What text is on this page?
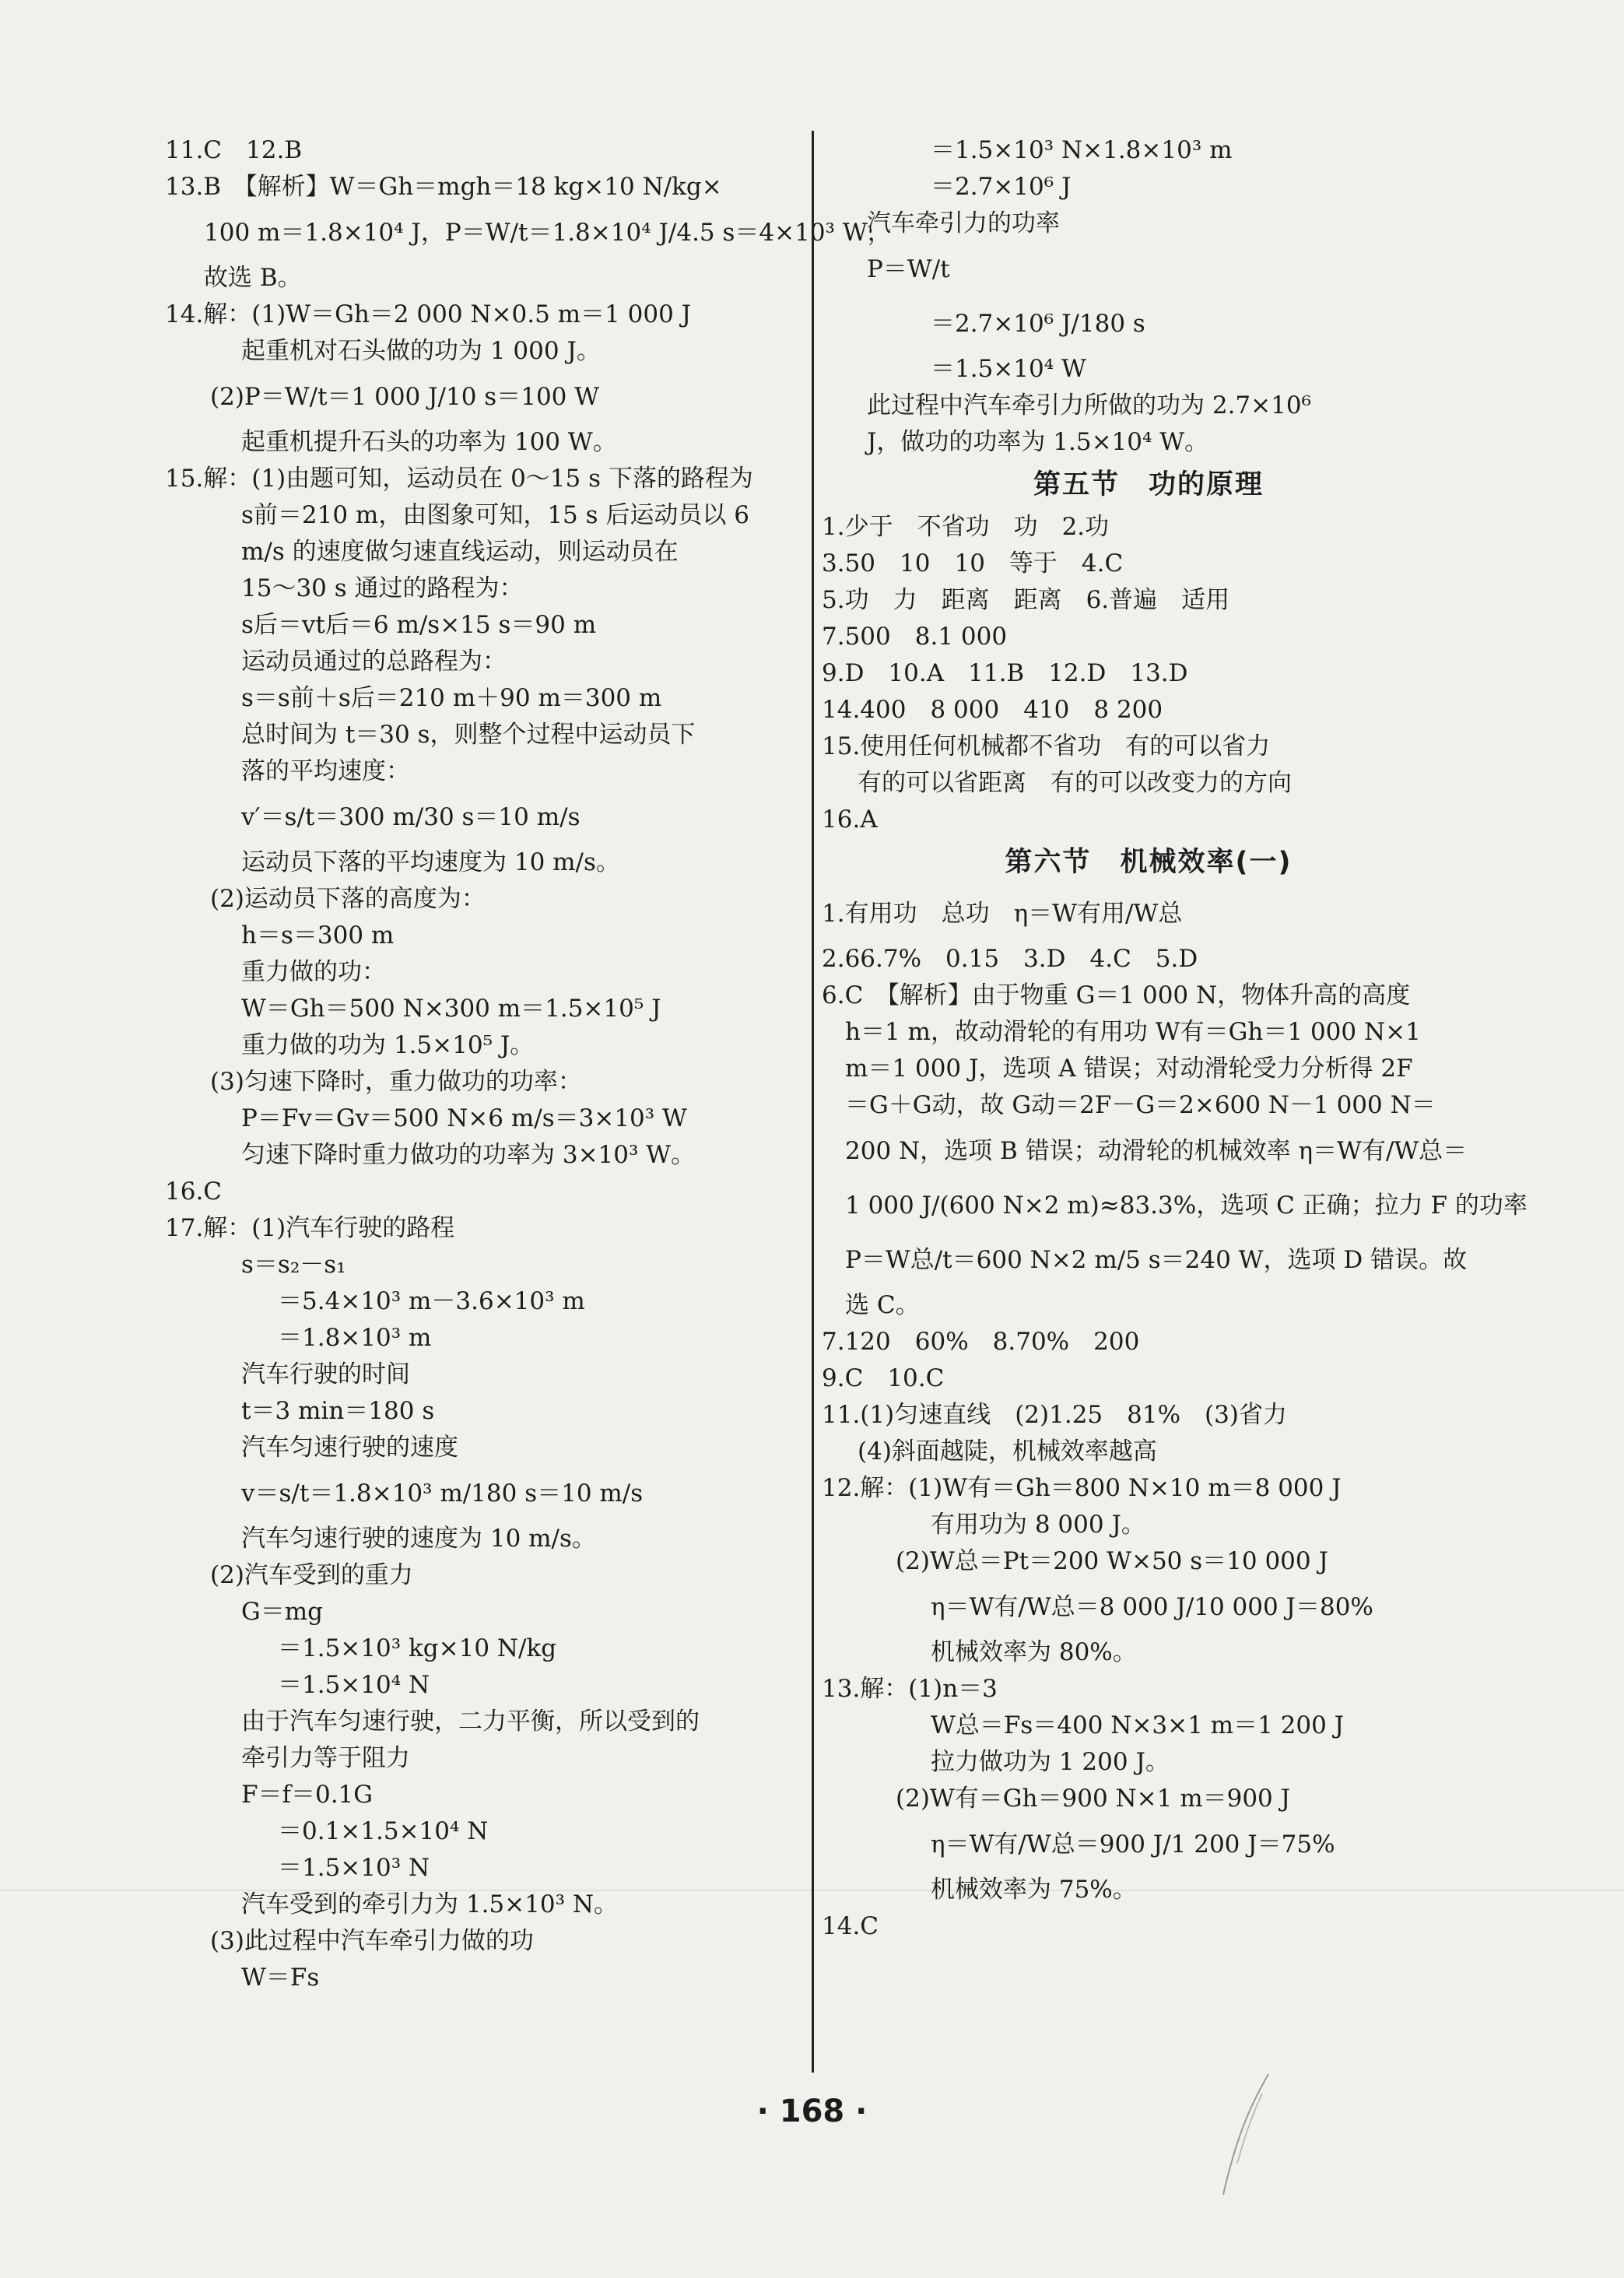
11.C　12.B
13.B　【解析】W＝Gh＝mgh＝18 kg×10 N/kg×
100 m＝1.8×10⁴ J，P＝W/t＝1.8×10⁴ J/4.5 s＝4×10³ W，
故选 B。
14.解：(1)W＝Gh＝2 000 N×0.5 m＝1 000 J
起重机对石头做的功为 1 000 J。
(2)P＝W/t＝1 000 J/10 s＝100 W
起重机提升石头的功率为 100 W。
15.解：(1)由题可知，运动员在 0～15 s 下落的路程为
s前＝210 m，由图象可知，15 s 后运动员以 6
m/s 的速度做匀速直线运动，则运动员在
15～30 s 通过的路程为：
s后＝vt后＝6 m/s×15 s＝90 m
运动员通过的总路程为：
s＝s前＋s后＝210 m＋90 m＝300 m
总时间为 t＝30 s，则整个过程中运动员下
落的平均速度：
v′＝s/t＝300 m/30 s＝10 m/s
运动员下落的平均速度为 10 m/s。
(2)运动员下落的高度为：
h＝s＝300 m
重力做的功：
W＝Gh＝500 N×300 m＝1.5×10⁵ J
重力做的功为 1.5×10⁵ J。
(3)匀速下降时，重力做功的功率：
P＝Fv＝Gv＝500 N×6 m/s＝3×10³ W
匀速下降时重力做功的功率为 3×10³ W。
16.C
17.解：(1)汽车行驶的路程
s＝s₂－s₁
＝5.4×10³ m－3.6×10³ m
＝1.8×10³ m
汽车行驶的时间
t＝3 min＝180 s
汽车匀速行驶的速度
v＝s/t＝1.8×10³ m/180 s＝10 m/s
汽车匀速行驶的速度为 10 m/s。
(2)汽车受到的重力
G＝mg
＝1.5×10³ kg×10 N/kg
＝1.5×10⁴ N
由于汽车匀速行驶，二力平衡，所以受到的
牵引力等于阻力
F＝f＝0.1G
＝0.1×1.5×10⁴ N
＝1.5×10³ N
汽车受到的牵引力为 1.5×10³ N。
(3)此过程中汽车牵引力做的功
W＝Fs
＝1.5×10³ N×1.8×10³ m
＝2.7×10⁶ J
汽车牵引力的功率
P＝W/t
＝2.7×10⁶ J/180 s
＝1.5×10⁴ W
此过程中汽车牵引力所做的功为 2.7×10⁶
J，做功的功率为 1.5×10⁴ W。
第五节　功的原理
1.少于　不省功　功　2.功
3.50　10　10　等于　4.C
5.功　力　距离　距离　6.普遍　适用
7.500　8.1 000
9.D　10.A　11.B　12.D　13.D
14.400　8 000　410　8 200
15.使用任何机械都不省功　有的可以省力
有的可以省距离　有的可以改变力的方向
16.A
第六节　机械效率(一)
1.有用功　总功　η＝W有用/W总
2.66.7%　0.15　3.D　4.C　5.D
6.C　【解析】由于物重 G＝1 000 N，物体升高的高度
h＝1 m，故动滑轮的有用功 W有＝Gh＝1 000 N×1
m＝1 000 J，选项 A 错误；对动滑轮受力分析得 2F
＝G＋G动，故 G动＝2F－G＝2×600 N－1 000 N＝
200 N，选项 B 错误；动滑轮的机械效率 η＝W有/W总＝
1 000 J/(600 N×2 m)≈83.3%，选项 C 正确；拉力 F 的功率
P＝W总/t＝600 N×2 m/5 s＝240 W，选项 D 错误。故
选 C。
7.120　60%　8.70%　200
9.C　10.C
11.(1)匀速直线　(2)1.25　81%　(3)省力
(4)斜面越陡，机械效率越高
12.解：(1)W有＝Gh＝800 N×10 m＝8 000 J
有用功为 8 000 J。
(2)W总＝Pt＝200 W×50 s＝10 000 J
η＝W有/W总＝8 000 J/10 000 J＝80%
机械效率为 80%。
13.解：(1)n＝3
W总＝Fs＝400 N×3×1 m＝1 200 J
拉力做功为 1 200 J。
(2)W有＝Gh＝900 N×1 m＝900 J
η＝W有/W总＝900 J/1 200 J＝75%
机械效率为 75%。
14.C
· 168 ·
